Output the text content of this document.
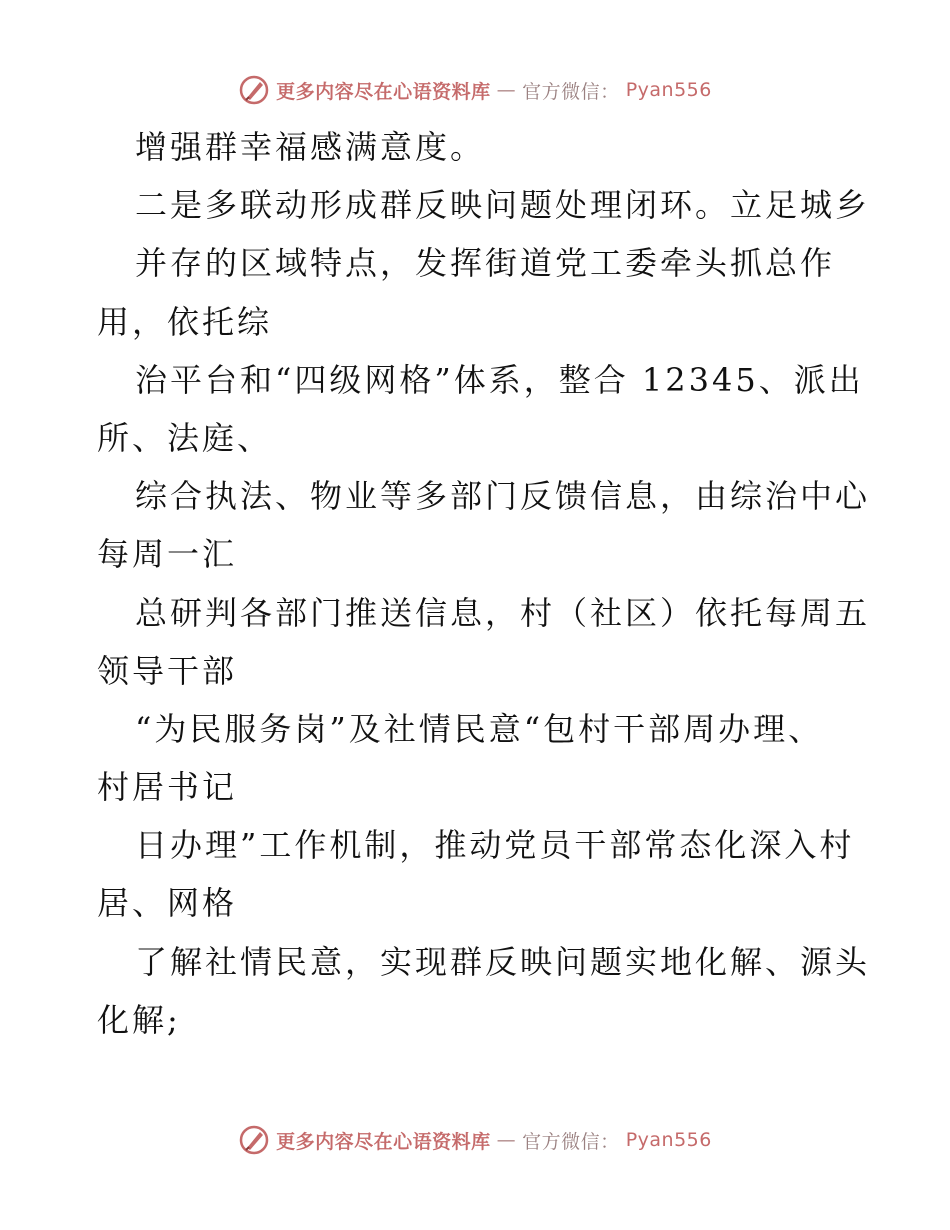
更多内容尽在心语资料库 — 官方微信： Pyan556
增强群幸福感满意度。
二是多联动形成群反映问题处理闭环。立足城乡
并存的区域特点，发挥街道党工委牵头抓总作
用，依托综
治平台和“四级网格”体系，整合 12345、派出
所、法庭、
综合执法、物业等多部门反馈信息，由综治中心
每周一汇
总研判各部门推送信息，村（社区）依托每周五
领导干部
“为民服务岗”及社情民意“包村干部周办理、
村居书记
日办理”工作机制，推动党员干部常态化深入村
居、网格
了解社情民意，实现群反映问题实地化解、源头
化解;
更多内容尽在心语资料库 — 官方微信： Pyan556
